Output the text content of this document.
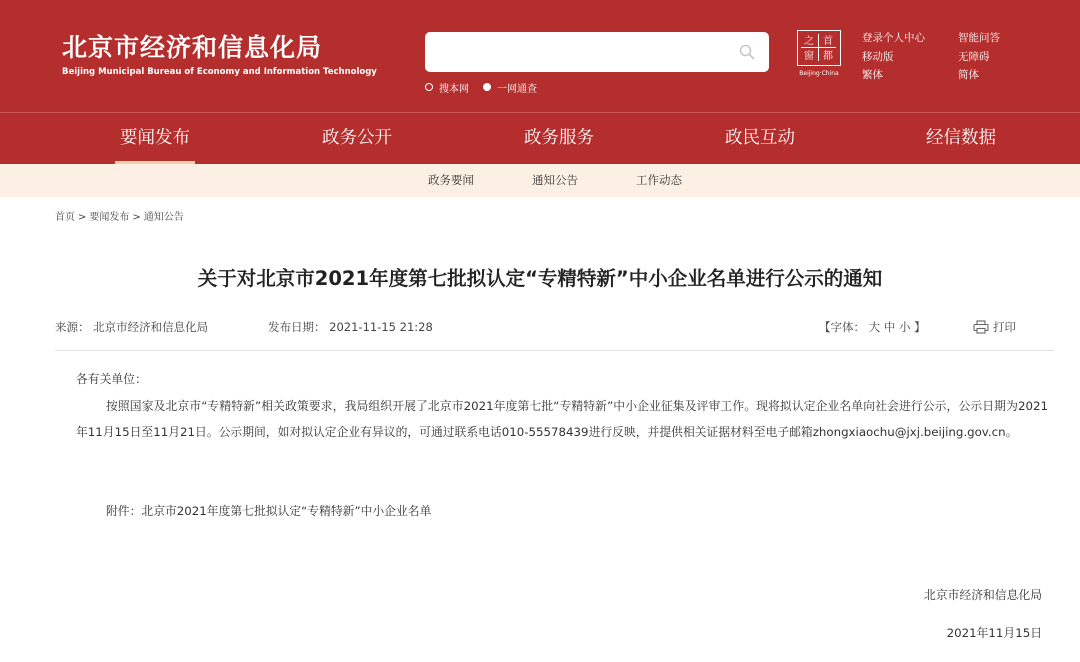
北京市经济和信息化局
Beijing Municipal Bureau of Economy and Information Technology
搜本网	一网通查
首
之
都
窗
Beijing·China
登录个人中心
移动版
繁体
智能问答
无障碍
简体
要闻发布	政务公开	政务服务	政民互动	经信数据
政务要闻	通知公告	工作动态
首页 > 要闻发布 > 通知公告
关于对北京市2021年度第七批拟认定“专精特新”中小企业名单进行公示的通知
来源： 北京市经济和信息化局	发布日期： 2021-11-15 21:28	【字体： 大 中 小 】	打印
各有关单位：
按照国家及北京市“专精特新”相关政策要求，我局组织开展了北京市2021年度第七批“专精特新”中小企业征集及评审工作。现将拟认定企业名单向社会进行公示，公示日期为2021年11月15日至11月21日。公示期间，如对拟认定企业有异议的，可通过联系电话010-55578439进行反映，并提供相关证据材料至电子邮箱zhongxiaochu@jxj.beijing.gov.cn。
附件：北京市2021年度第七批拟认定“专精特新”中小企业名单
北京市经济和信息化局
2021年11月15日
